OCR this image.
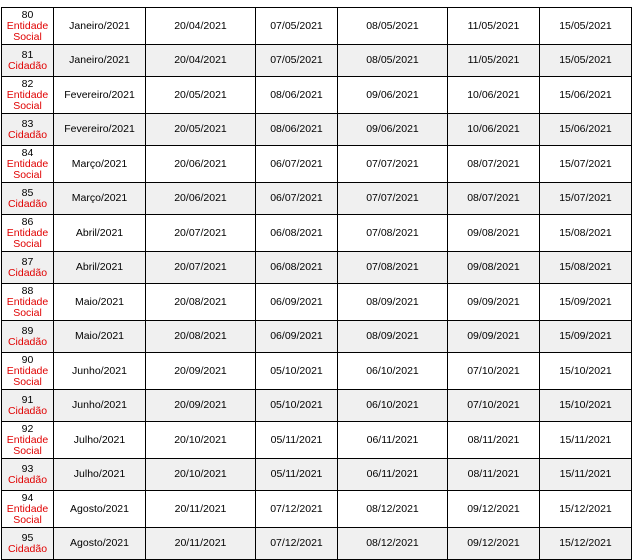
80
Entidade Social	Janeiro/2021	20/04/2021	07/05/2021	08/05/2021	11/05/2021	15/05/2021

81
Cidadão	Janeiro/2021	20/04/2021	07/05/2021	08/05/2021	11/05/2021	15/05/2021

82
Entidade Social	Fevereiro/2021	20/05/2021	08/06/2021	09/06/2021	10/06/2021	15/06/2021

83
Cidadão	Fevereiro/2021	20/05/2021	08/06/2021	09/06/2021	10/06/2021	15/06/2021

84
Entidade Social	Março/2021	20/06/2021	06/07/2021	07/07/2021	08/07/2021	15/07/2021

85
Cidadão	Março/2021	20/06/2021	06/07/2021	07/07/2021	08/07/2021	15/07/2021

86
Entidade Social	Abril/2021	20/07/2021	06/08/2021	07/08/2021	09/08/2021	15/08/2021

87
Cidadão	Abril/2021	20/07/2021	06/08/2021	07/08/2021	09/08/2021	15/08/2021

88
Entidade Social	Maio/2021	20/08/2021	06/09/2021	08/09/2021	09/09/2021	15/09/2021

89
Cidadão	Maio/2021	20/08/2021	06/09/2021	08/09/2021	09/09/2021	15/09/2021

90
Entidade Social	Junho/2021	20/09/2021	05/10/2021	06/10/2021	07/10/2021	15/10/2021

91
Cidadão	Junho/2021	20/09/2021	05/10/2021	06/10/2021	07/10/2021	15/10/2021

92
Entidade Social	Julho/2021	20/10/2021	05/11/2021	06/11/2021	08/11/2021	15/11/2021

93
Cidadão	Julho/2021	20/10/2021	05/11/2021	06/11/2021	08/11/2021	15/11/2021

94
Entidade Social	Agosto/2021	20/11/2021	07/12/2021	08/12/2021	09/12/2021	15/12/2021

95
Cidadão	Agosto/2021	20/11/2021	07/12/2021	08/12/2021	09/12/2021	15/12/2021
